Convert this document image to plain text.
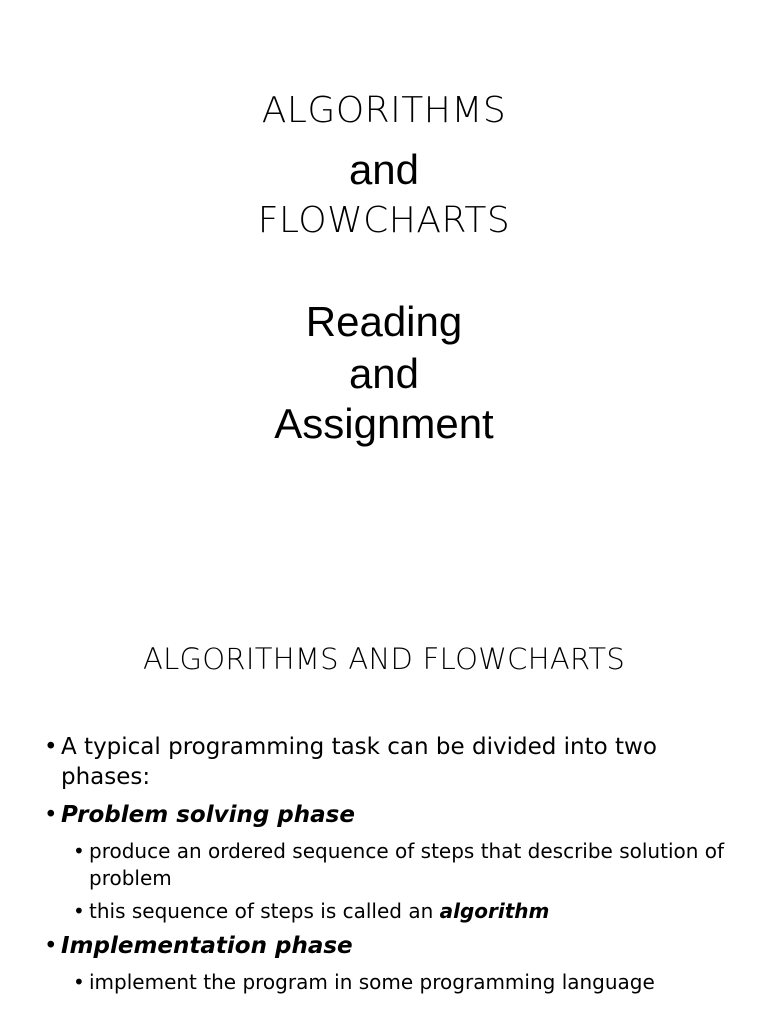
ALGORITHMS
and
FLOWCHARTS
Reading
and
Assignment
ALGORITHMS AND FLOWCHARTS
• A typical programming task can be divided into two phases:
• Problem solving phase
• produce an ordered sequence of steps that describe solution of problem
• this sequence of steps is called an algorithm
• Implementation phase
• implement the program in some programming language
